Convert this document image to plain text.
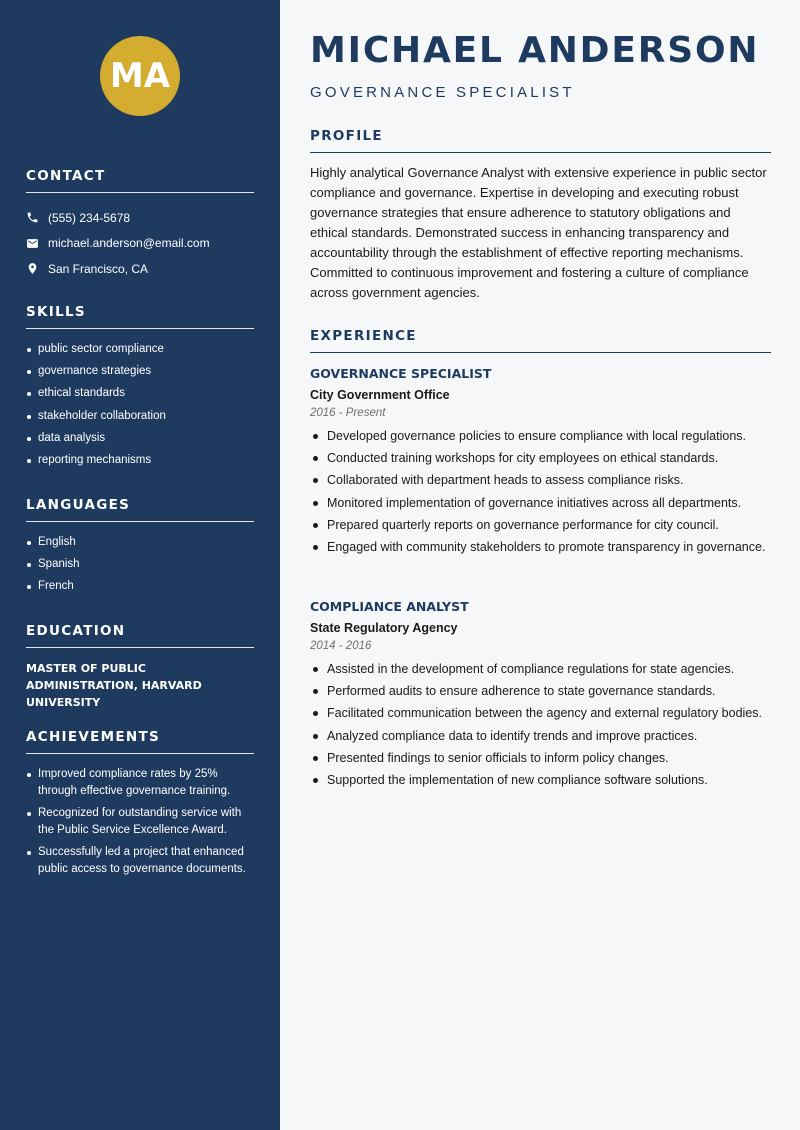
MA
CONTACT
(555) 234-5678
michael.anderson@email.com
San Francisco, CA
SKILLS
public sector compliance
governance strategies
ethical standards
stakeholder collaboration
data analysis
reporting mechanisms
LANGUAGES
English
Spanish
French
EDUCATION
MASTER OF PUBLIC ADMINISTRATION, HARVARD UNIVERSITY
ACHIEVEMENTS
Improved compliance rates by 25% through effective governance training.
Recognized for outstanding service with the Public Service Excellence Award.
Successfully led a project that enhanced public access to governance documents.
MICHAEL ANDERSON
GOVERNANCE SPECIALIST
PROFILE
Highly analytical Governance Analyst with extensive experience in public sector compliance and governance. Expertise in developing and executing robust governance strategies that ensure adherence to statutory obligations and ethical standards. Demonstrated success in enhancing transparency and accountability through the establishment of effective reporting mechanisms. Committed to continuous improvement and fostering a culture of compliance across government agencies.
EXPERIENCE
GOVERNANCE SPECIALIST
City Government Office
2016 - Present
Developed governance policies to ensure compliance with local regulations.
Conducted training workshops for city employees on ethical standards.
Collaborated with department heads to assess compliance risks.
Monitored implementation of governance initiatives across all departments.
Prepared quarterly reports on governance performance for city council.
Engaged with community stakeholders to promote transparency in governance.
COMPLIANCE ANALYST
State Regulatory Agency
2014 - 2016
Assisted in the development of compliance regulations for state agencies.
Performed audits to ensure adherence to state governance standards.
Facilitated communication between the agency and external regulatory bodies.
Analyzed compliance data to identify trends and improve practices.
Presented findings to senior officials to inform policy changes.
Supported the implementation of new compliance software solutions.
